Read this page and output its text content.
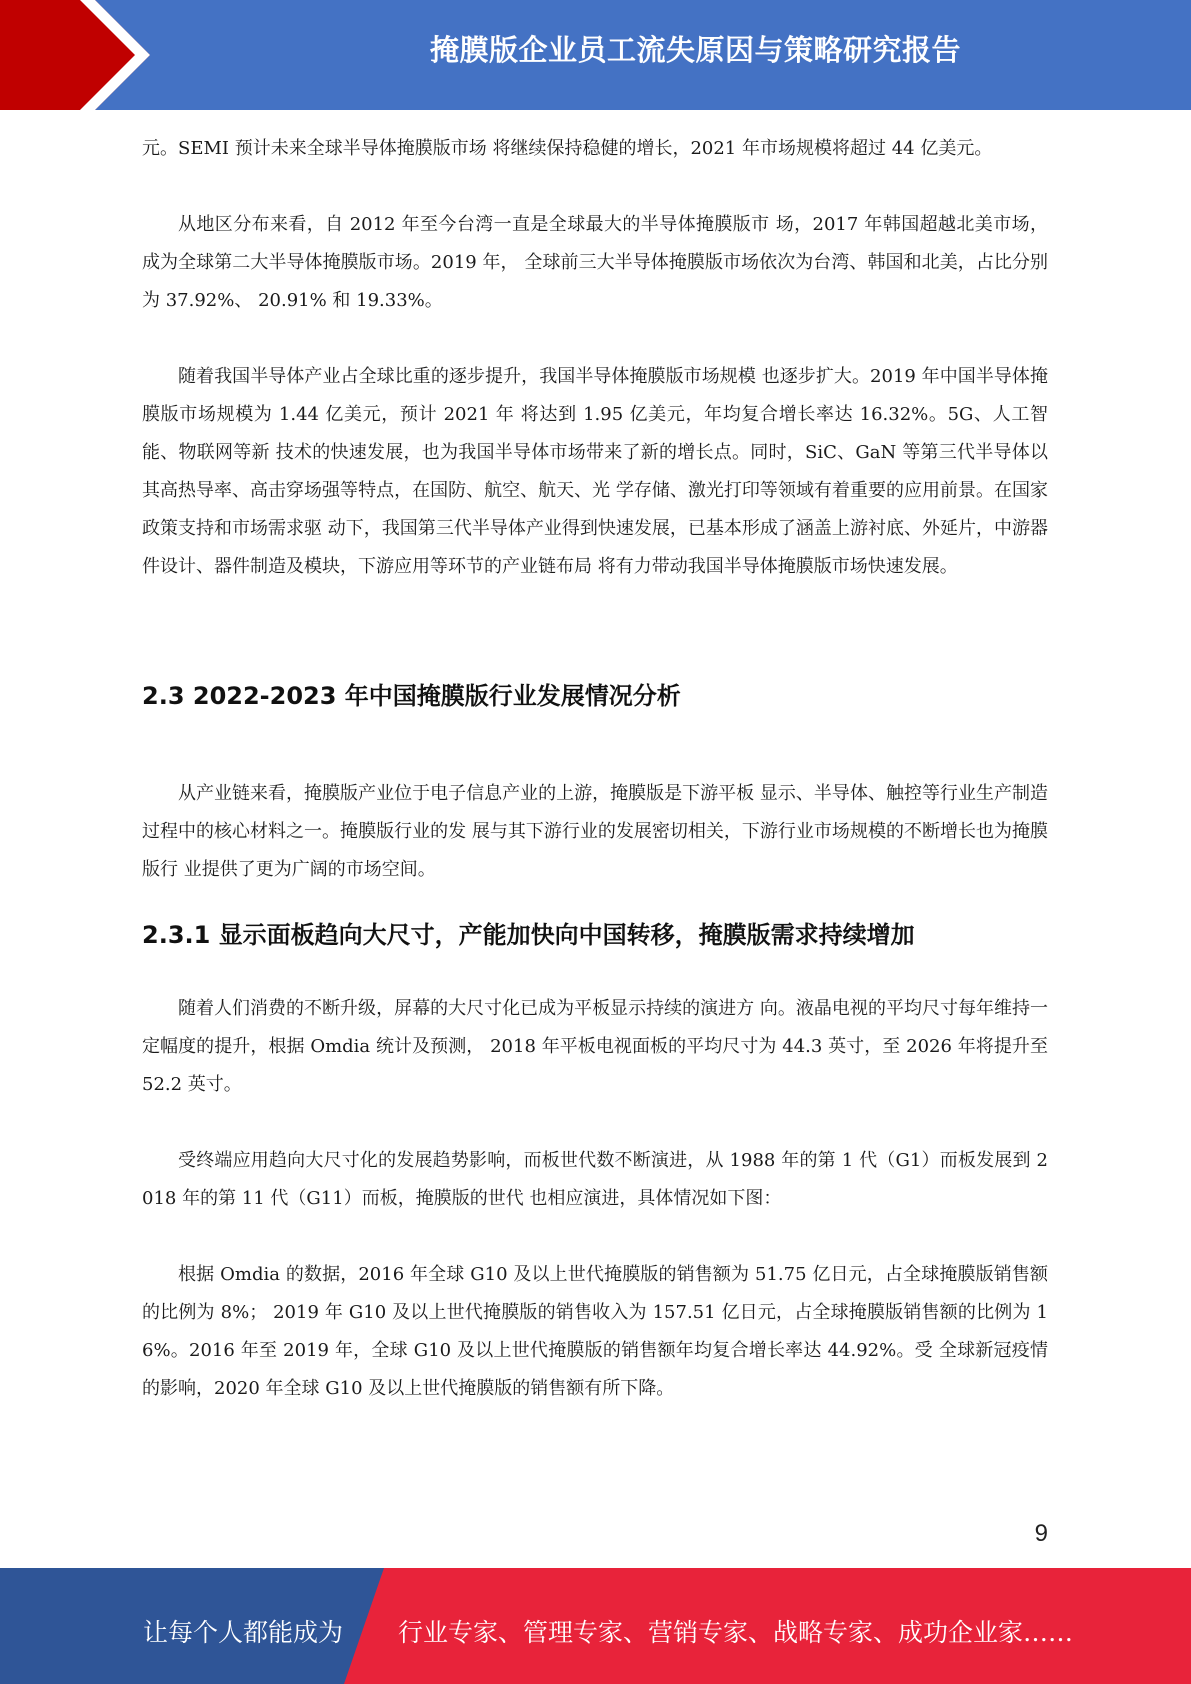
掩膜版企业员工流失原因与策略研究报告

元。SEMI 预计未来全球半导体掩膜版市场 将继续保持稳健的增长，2021 年市场规模将超过 44 亿美元。

从地区分布来看，自 2012 年至今台湾一直是全球最大的半导体掩膜版市 场，2017 年韩国超越北美市场，成为全球第二大半导体掩膜版市场。2019 年， 全球前三大半导体掩膜版市场依次为台湾、韩国和北美，占比分别为 37.92%、 20.91% 和 19.33%。

随着我国半导体产业占全球比重的逐步提升，我国半导体掩膜版市场规模 也逐步扩大。2019 年中国半导体掩膜版市场规模为 1.44 亿美元，预计 2021 年 将达到 1.95 亿美元，年均复合增长率达 16.32%。5G、人工智能、物联网等新 技术的快速发展，也为我国半导体市场带来了新的增长点。同时，SiC、GaN 等第三代半导体以其高热导率、高击穿场强等特点，在国防、航空、航天、光 学存储、激光打印等领域有着重要的应用前景。在国家政策支持和市场需求驱 动下，我国第三代半导体产业得到快速发展，已基本形成了涵盖上游衬底、外延片，中游器件设计、器件制造及模块，下游应用等环节的产业链布局 将有力带动我国半导体掩膜版市场快速发展。

2.3 2022-2023 年中国掩膜版行业发展情况分析

从产业链来看，掩膜版产业位于电子信息产业的上游，掩膜版是下游平板 显示、半导体、触控等行业生产制造过程中的核心材料之一。掩膜版行业的发 展与其下游行业的发展密切相关，下游行业市场规模的不断增长也为掩膜版行 业提供了更为广阔的市场空间。

2.3.1 显示面板趋向大尺寸，产能加快向中国转移，掩膜版需求持续增加

随着人们消费的不断升级，屏幕的大尺寸化已成为平板显示持续的演进方 向。液晶电视的平均尺寸每年维持一定幅度的提升，根据 Omdia 统计及预测， 2018 年平板电视面板的平均尺寸为 44.3 英寸，至 2026 年将提升至 52.2 英寸。

受终端应用趋向大尺寸化的发展趋势影响，而板世代数不断演进，从 1988 年的第 1 代（G1）而板发展到 2018 年的第 11 代（G11）而板，掩膜版的世代 也相应演进，具体情况如下图：

根据 Omdia 的数据，2016 年全球 G10 及以上世代掩膜版的销售额为 51.75 亿日元，占全球掩膜版销售额的比例为 8%； 2019 年 G10 及以上世代掩膜版的销售收入为 157.51 亿日元，占全球掩膜版销售额的比例为 16%。2016 年至 2019 年，全球 G10 及以上世代掩膜版的销售额年均复合增长率达 44.92%。受 全球新冠疫情的影响，2020 年全球 G10 及以上世代掩膜版的销售额有所下降。

9
让每个人都能成为 行业专家、管理专家、营销专家、战略专家、成功企业家……
